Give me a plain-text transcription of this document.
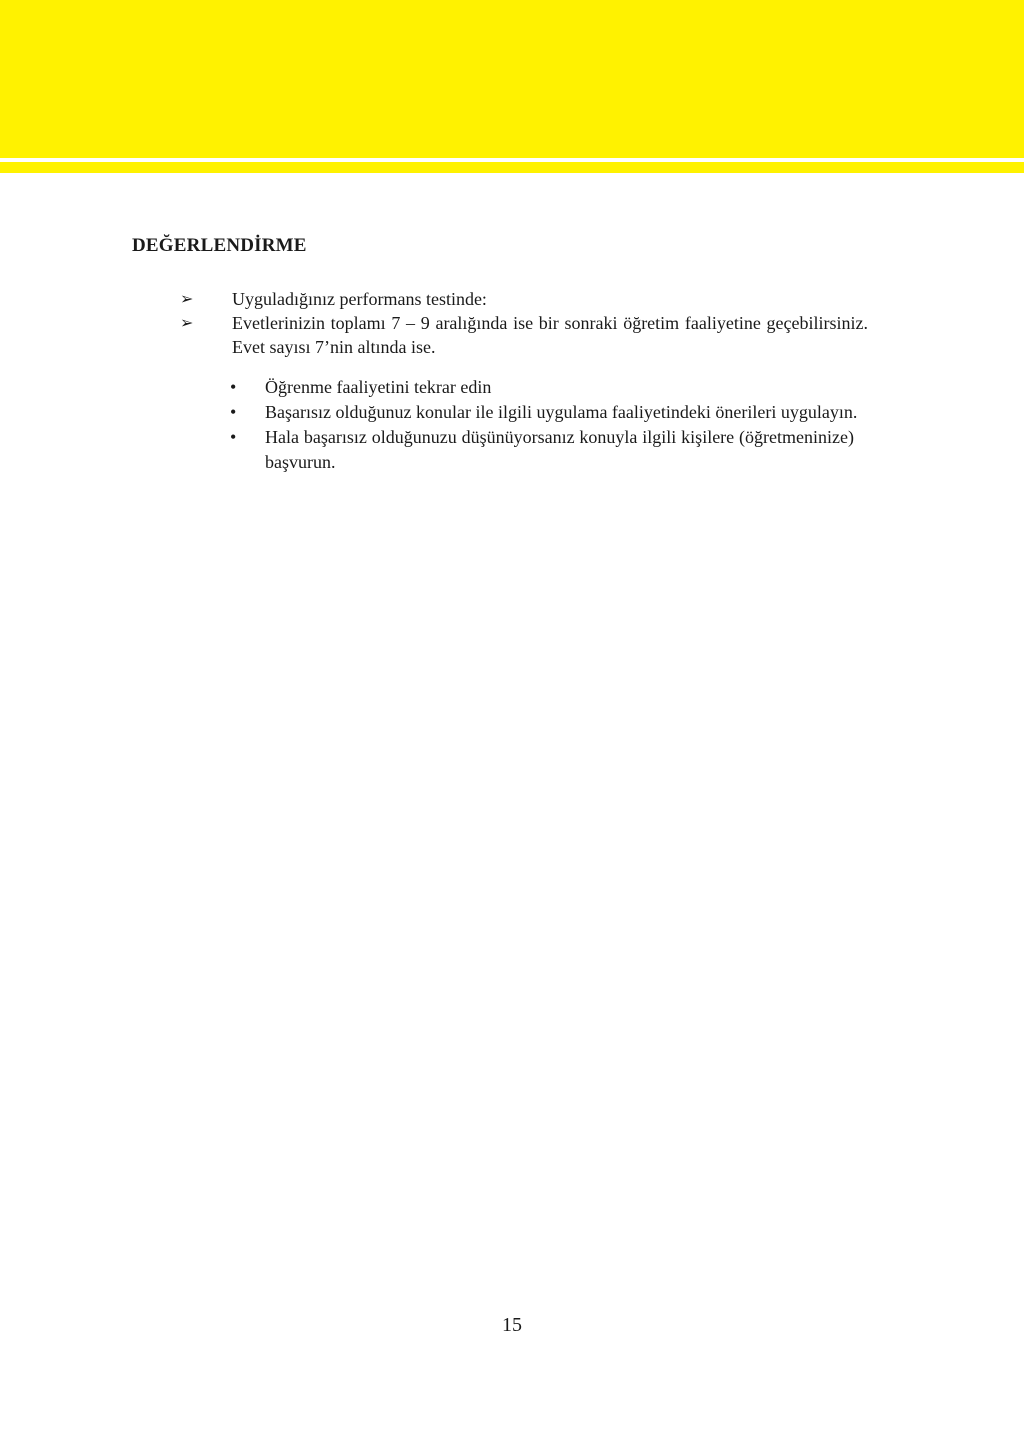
DEĞERLENDİRME
➢	Uyguladığınız performans testinde:
➢	Evetlerinizin toplamı 7 – 9 aralığında ise bir sonraki öğretim faaliyetine geçebilirsiniz. Evet sayısı 7’nin altında ise.
•	Öğrenme faaliyetini tekrar edin
•	Başarısız olduğunuz konular ile ilgili uygulama faaliyetindeki önerileri uygulayın.
•	Hala başarısız olduğunuzu düşünüyorsanız konuyla ilgili kişilere (öğretmeninize) başvurun.
15
